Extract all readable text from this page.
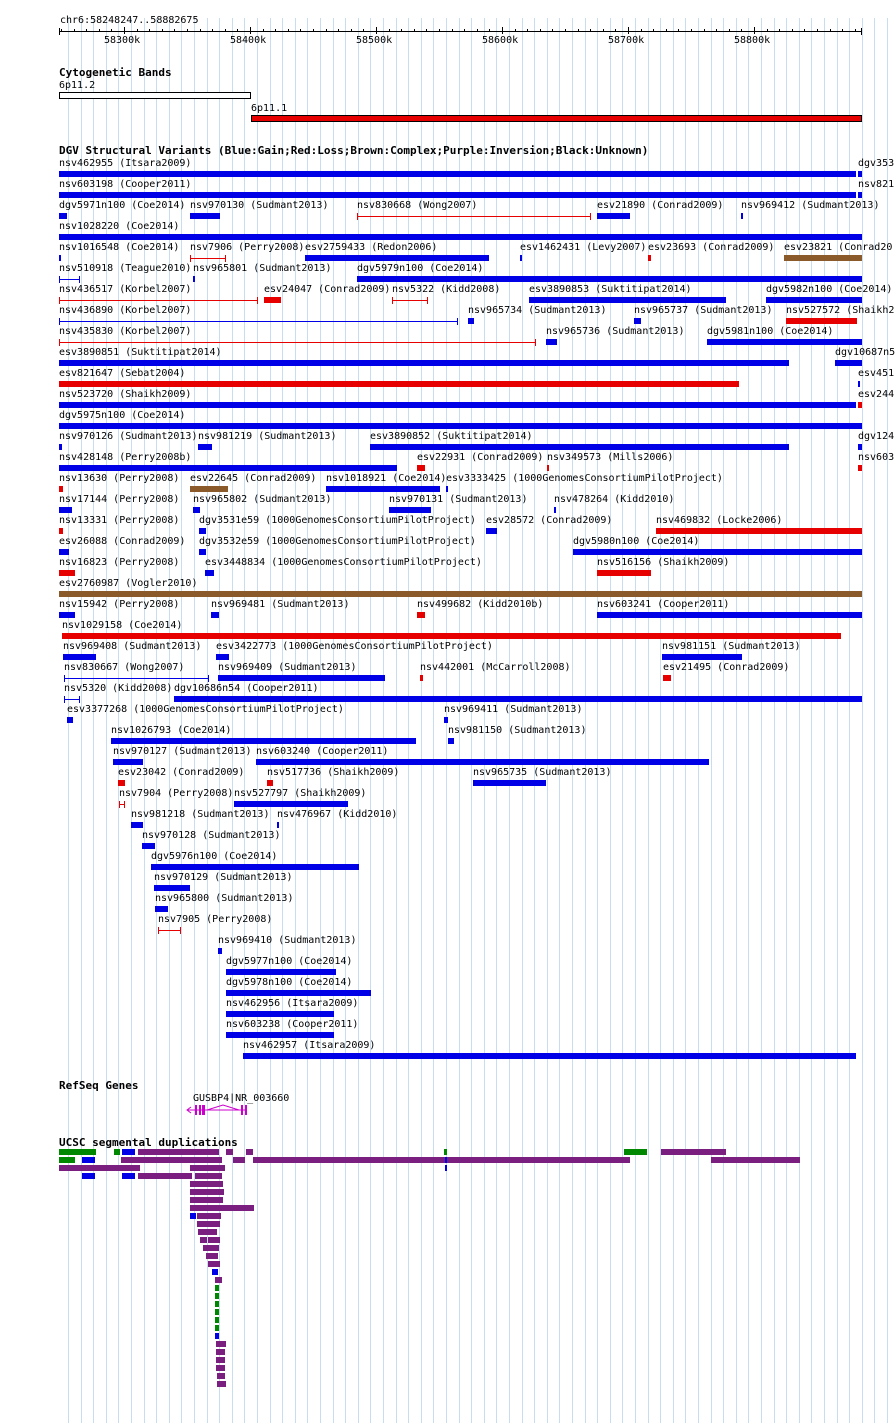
chr6:58248247..58882675
58300k	58400k	58500k	58600k	58700k	58800k
Cytogenetic Bands
6p11.2
6p11.1
DGV Structural Variants (Blue:Gain;Red:Loss;Brown:Complex;Purple:Inversion;Black:Unknown)
nsv462955 (Itsara2009)	dgv353
nsv603198 (Cooper2011)	nsv821
dgv5971n100 (Coe2014) nsv970130 (Sudmant2013)	nsv830668 (Wong2007)	esv21890 (Conrad2009) nsv969412 (Sudmant2013)
nsv1028220 (Coe2014)
nsv1016548 (Coe2014) nsv7906 (Perry2008) esv2759433 (Redon2006)	esv1462431 (Levy2007) esv23693 (Conrad2009) esv23821 (Conrad20
nsv510918 (Teague2010) nsv965801 (Sudmant2013)	dgv5979n100 (Coe2014)
nsv436517 (Korbel2007)	esv24047 (Conrad2009) nsv5322 (Kidd2008)	esv3890853 (Suktitipat2014)	dgv5982n100 (Coe2014)
nsv436890 (Korbel2007)	nsv965734 (Sudmant2013)	nsv965737 (Sudmant2013) nsv527572 (Shaikh2
nsv435830 (Korbel2007)	nsv965736 (Sudmant2013) dgv5981n100 (Coe2014)
esv3890851 (Suktitipat2014)	dgv10687n5
esv821647 (Sebat2004)	esv451
nsv523720 (Shaikh2009)	esv244
dgv5975n100 (Coe2014)
nsv970126 (Sudmant2013) nsv981219 (Sudmant2013)	esv3890852 (Suktitipat2014)	dgv124
nsv428148 (Perry2008b)	esv22931 (Conrad2009) nsv349573 (Mills2006)	nsv603
nsv13630 (Perry2008) esv22645 (Conrad2009) nsv1018921 (Coe2014) esv3333425 (1000GenomesConsortiumPilotProject)
nsv17144 (Perry2008) nsv965802 (Sudmant2013)	nsv970131 (Sudmant2013)	nsv478264 (Kidd2010)
nsv13331 (Perry2008) dgv3531e59 (1000GenomesConsortiumPilotProject) esv28572 (Conrad2009)	nsv469832 (Locke2006)
esv26088 (Conrad2009) dgv3532e59 (1000GenomesConsortiumPilotProject)	dgv5980n100 (Coe2014)
nsv16823 (Perry2008)	esv3448834 (1000GenomesConsortiumPilotProject)	nsv516156 (Shaikh2009)
esv2760987 (Vogler2010)
nsv15942 (Perry2008)	nsv969481 (Sudmant2013)	nsv499682 (Kidd2010b)	nsv603241 (Cooper2011)
nsv1029158 (Coe2014)
nsv969408 (Sudmant2013) esv3422773 (1000GenomesConsortiumPilotProject)	nsv981151 (Sudmant2013)
nsv830667 (Wong2007)	nsv969409 (Sudmant2013)	nsv442001 (McCarroll2008)	esv21495 (Conrad2009)
nsv5320 (Kidd2008) dgv10686n54 (Cooper2011)
esv3377268 (1000GenomesConsortiumPilotProject)	nsv969411 (Sudmant2013)
nsv1026793 (Coe2014)	nsv981150 (Sudmant2013)
nsv970127 (Sudmant2013) nsv603240 (Cooper2011)
esv23042 (Conrad2009) nsv517736 (Shaikh2009)	nsv965735 (Sudmant2013)
nsv7904 (Perry2008) nsv527797 (Shaikh2009)
nsv981218 (Sudmant2013) nsv476967 (Kidd2010)
nsv970128 (Sudmant2013)
dgv5976n100 (Coe2014)
nsv970129 (Sudmant2013)
nsv965800 (Sudmant2013)
nsv7905 (Perry2008)
nsv969410 (Sudmant2013)
dgv5977n100 (Coe2014)
dgv5978n100 (Coe2014)
nsv462956 (Itsara2009)
nsv603238 (Cooper2011)
nsv462957 (Itsara2009)
RefSeq Genes
GUSBP4|NR_003660
UCSC segmental duplications
